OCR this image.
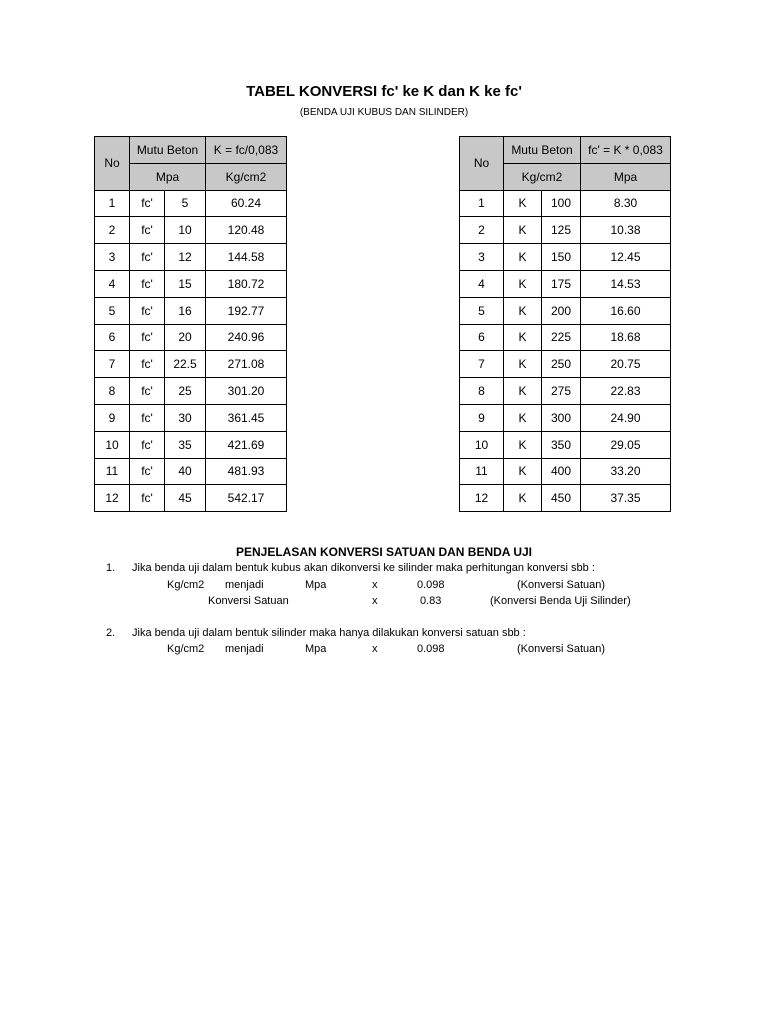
TABEL KONVERSI fc' ke K dan K ke fc'
(BENDA UJI KUBUS DAN SILINDER)
No	Mutu Beton		K = fc/0,083
	Mpa		Kg/cm2
1	fc'	5	60.24
2	fc'	10	120.48
3	fc'	12	144.58
4	fc'	15	180.72
5	fc'	16	192.77
6	fc'	20	240.96
7	fc'	22.5	271.08
8	fc'	25	301.20
9	fc'	30	361.45
10	fc'	35	421.69
11	fc'	40	481.93
12	fc'	45	542.17
No	Mutu Beton		fc' = K * 0,083
	Kg/cm2		Mpa
1	K	100	8.30
2	K	125	10.38
3	K	150	12.45
4	K	175	14.53
5	K	200	16.60
6	K	225	18.68
7	K	250	20.75
8	K	275	22.83
9	K	300	24.90
10	K	350	29.05
11	K	400	33.20
12	K	450	37.35
PENJELASAN KONVERSI SATUAN DAN BENDA UJI
1. Jika benda uji dalam bentuk kubus akan dikonversi ke silinder maka perhitungan konversi sbb :
Kg/cm2 menjadi	Mpa	x	0.098	(Konversi Satuan)
Konversi Satuan	x	0.83	(Konversi Benda Uji Silinder)
2. Jika benda uji dalam bentuk silinder maka hanya dilakukan konversi satuan sbb :
Kg/cm2 menjadi	Mpa	x	0.098	(Konversi Satuan)
